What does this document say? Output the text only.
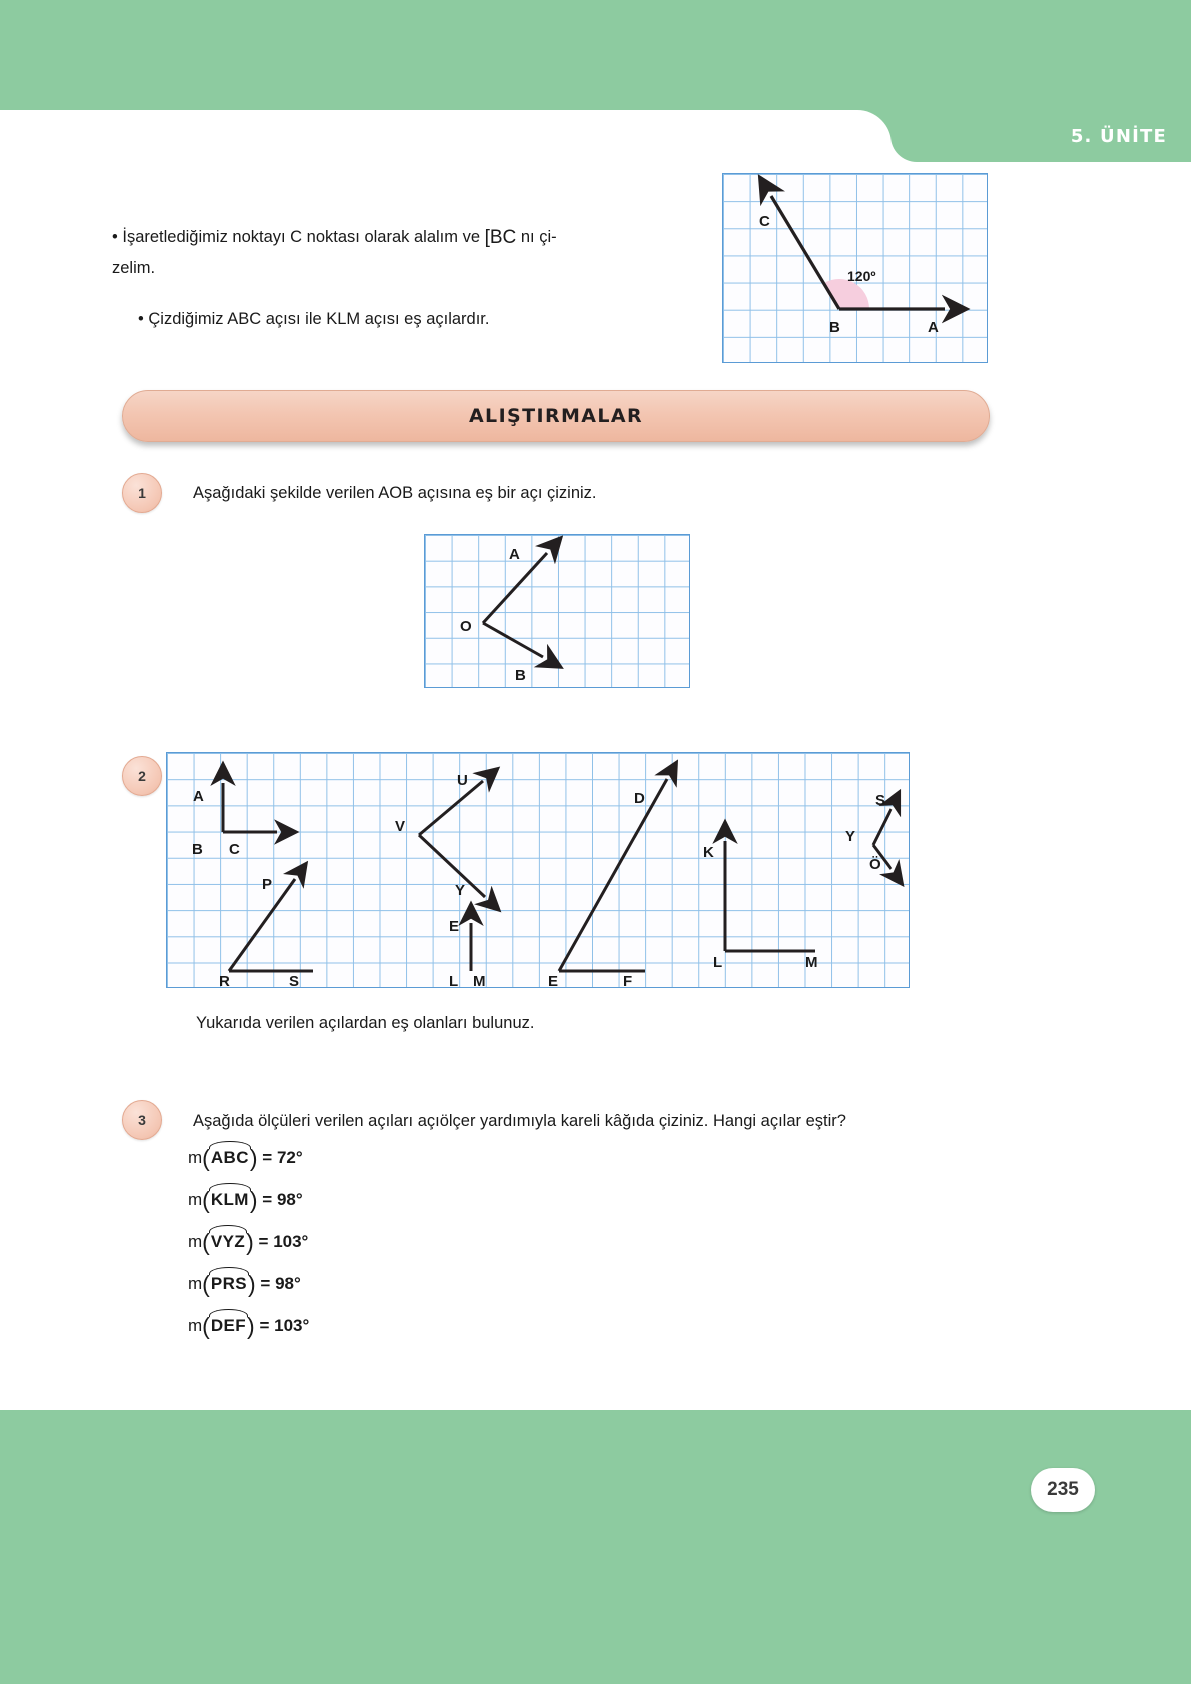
5. ÜNİTE
• İşaretlediğimiz noktayı C noktası olarak alalım ve [BC nı çi-
zelim.
• Çizdiğimiz ABC açısı ile KLM açısı eş açılardır.
C
B	A
120º
ALIŞTIRMALAR
1	Aşağıdaki şekilde verilen AOB açısına eş bir açı çiziniz.
A
O
B
2
A
B C
P
R	S
U
V
Y
E
L M
D
E	F
K
L	M
S
Y
Ö
Yukarıda verilen açılardan eş olanları bulunuz.
3	Aşağıda ölçüleri verilen açıları açıölçer yardımıyla kareli kâğıda çiziniz. Hangi açılar eştir?
m(ABC) = 72°
m(KLM) = 98°
m(VYZ) = 103°
m(PRS) = 98°
m(DEF) = 103°
235
